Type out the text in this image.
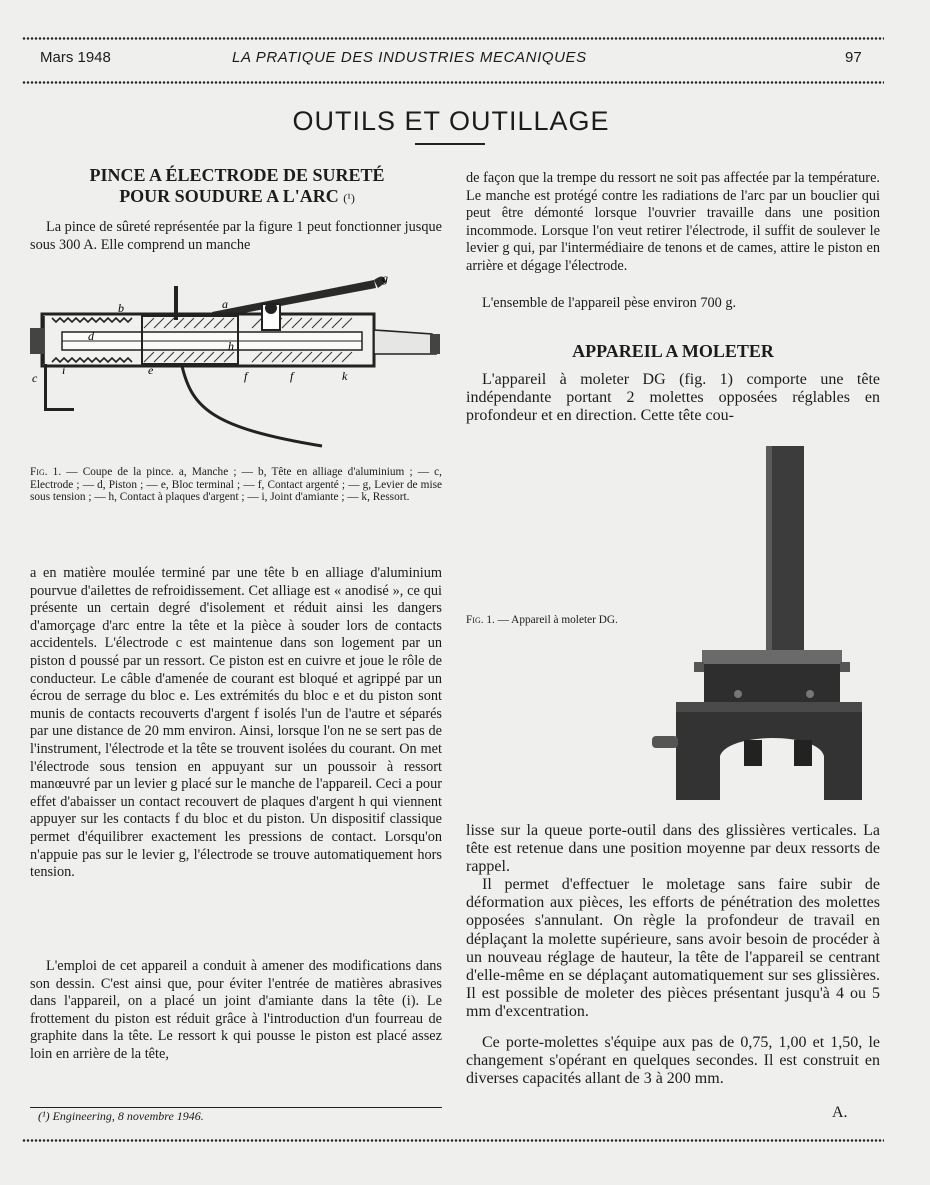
Mars 1948	LA PRATIQUE DES INDUSTRIES MECANIQUES	97
OUTILS ET OUTILLAGE
PINCE A ÉLECTRODE DE SURETÉ
POUR SOUDURE A L'ARC (¹)

La pince de sûreté représentée par la figure 1 peut fonctionner jusque sous 300 A. Elle comprend un manche

g
a
b
d
i
h
f	f	k
e
c
Fig. 1. — Coupe de la pince. a, Manche ; — b, Tête en alliage d'aluminium ; — c, Electrode ; — d, Piston ; — e, Bloc terminal ; — f, Contact argenté ; — g, Levier de mise sous tension ; — h, Contact à plaques d'argent ; — i, Joint d'amiante ; — k, Ressort.

a en matière moulée terminé par une tête b en alliage d'aluminium pourvue d'ailettes de refroidissement. Cet alliage est « anodisé », ce qui présente un certain degré d'isolement et réduit ainsi les dangers d'amorçage d'arc entre la tête et la pièce à souder lors de contacts accidentels. L'électrode c est maintenue dans son logement par un piston d poussé par un ressort. Ce piston est en cuivre et joue le rôle de conducteur. Le câble d'amenée de courant est bloqué et agrippé par un écrou de serrage du bloc e. Les extrémités du bloc e et du piston sont munis de contacts recouverts d'argent f isolés l'un de l'autre et séparés par une distance de 20 mm environ. Ainsi, lorsque l'on ne se sert pas de l'instrument, l'électrode et la tête se trouvent isolées du courant. On met l'électrode sous tension en appuyant sur un poussoir à ressort manœuvré par un levier g placé sur le manche de l'appareil. Ceci a pour effet d'abaisser un contact recouvert de plaques d'argent h qui viennent appuyer sur les contacts f du bloc et du piston. Un dispositif classique permet d'équilibrer exactement les pressions de contact. Lorsqu'on n'appuie pas sur le levier g, l'électrode se trouve automatiquement hors tension.

L'emploi de cet appareil a conduit à amener des modifications dans son dessin. C'est ainsi que, pour éviter l'entrée de matières abrasives dans l'appareil, on a placé un joint d'amiante dans la tête (i). Le frottement du piston est réduit grâce à l'introduction d'un fourreau de graphite dans la tête. Le ressort k qui pousse le piston est placé assez loin en arrière de la tête,

(¹) Engineering, 8 novembre 1946.

de façon que la trempe du ressort ne soit pas affectée par la température. Le manche est protégé contre les radiations de l'arc par un bouclier qui peut être démonté lorsque l'ouvrier travaille dans une position incommode. Lorsque l'on veut retirer l'électrode, il suffit de soulever le levier g qui, par l'intermédiaire de tenons et de cames, attire le piston en arrière et dégage l'électrode.

L'ensemble de l'appareil pèse environ 700 g.

APPAREIL A MOLETER

L'appareil à moleter DG (fig. 1) comporte une tête indépendante portant 2 molettes opposées réglables en profondeur et en direction. Cette tête cou-

Fig. 1. — Appareil à moleter DG.

lisse sur la queue porte-outil dans des glissières verticales. La tête est retenue dans une position moyenne par deux ressorts de rappel.

Il permet d'effectuer le moletage sans faire subir de déformation aux pièces, les efforts de pénétration des molettes opposées s'annulant. On règle la profondeur de travail en déplaçant la molette supérieure, sans avoir besoin de procéder à un nouveau réglage de hauteur, la tête de l'appareil se centrant d'elle-même en se déplaçant automatiquement sur ses glissières. Il est possible de moleter des pièces présentant jusqu'à 4 ou 5 mm d'excentration.

Ce porte-molettes s'équipe aux pas de 0,75, 1,00 et 1,50, le changement s'opérant en quelques secondes. Il est construit en diverses capacités allant de 3 à 200 mm.

A.
